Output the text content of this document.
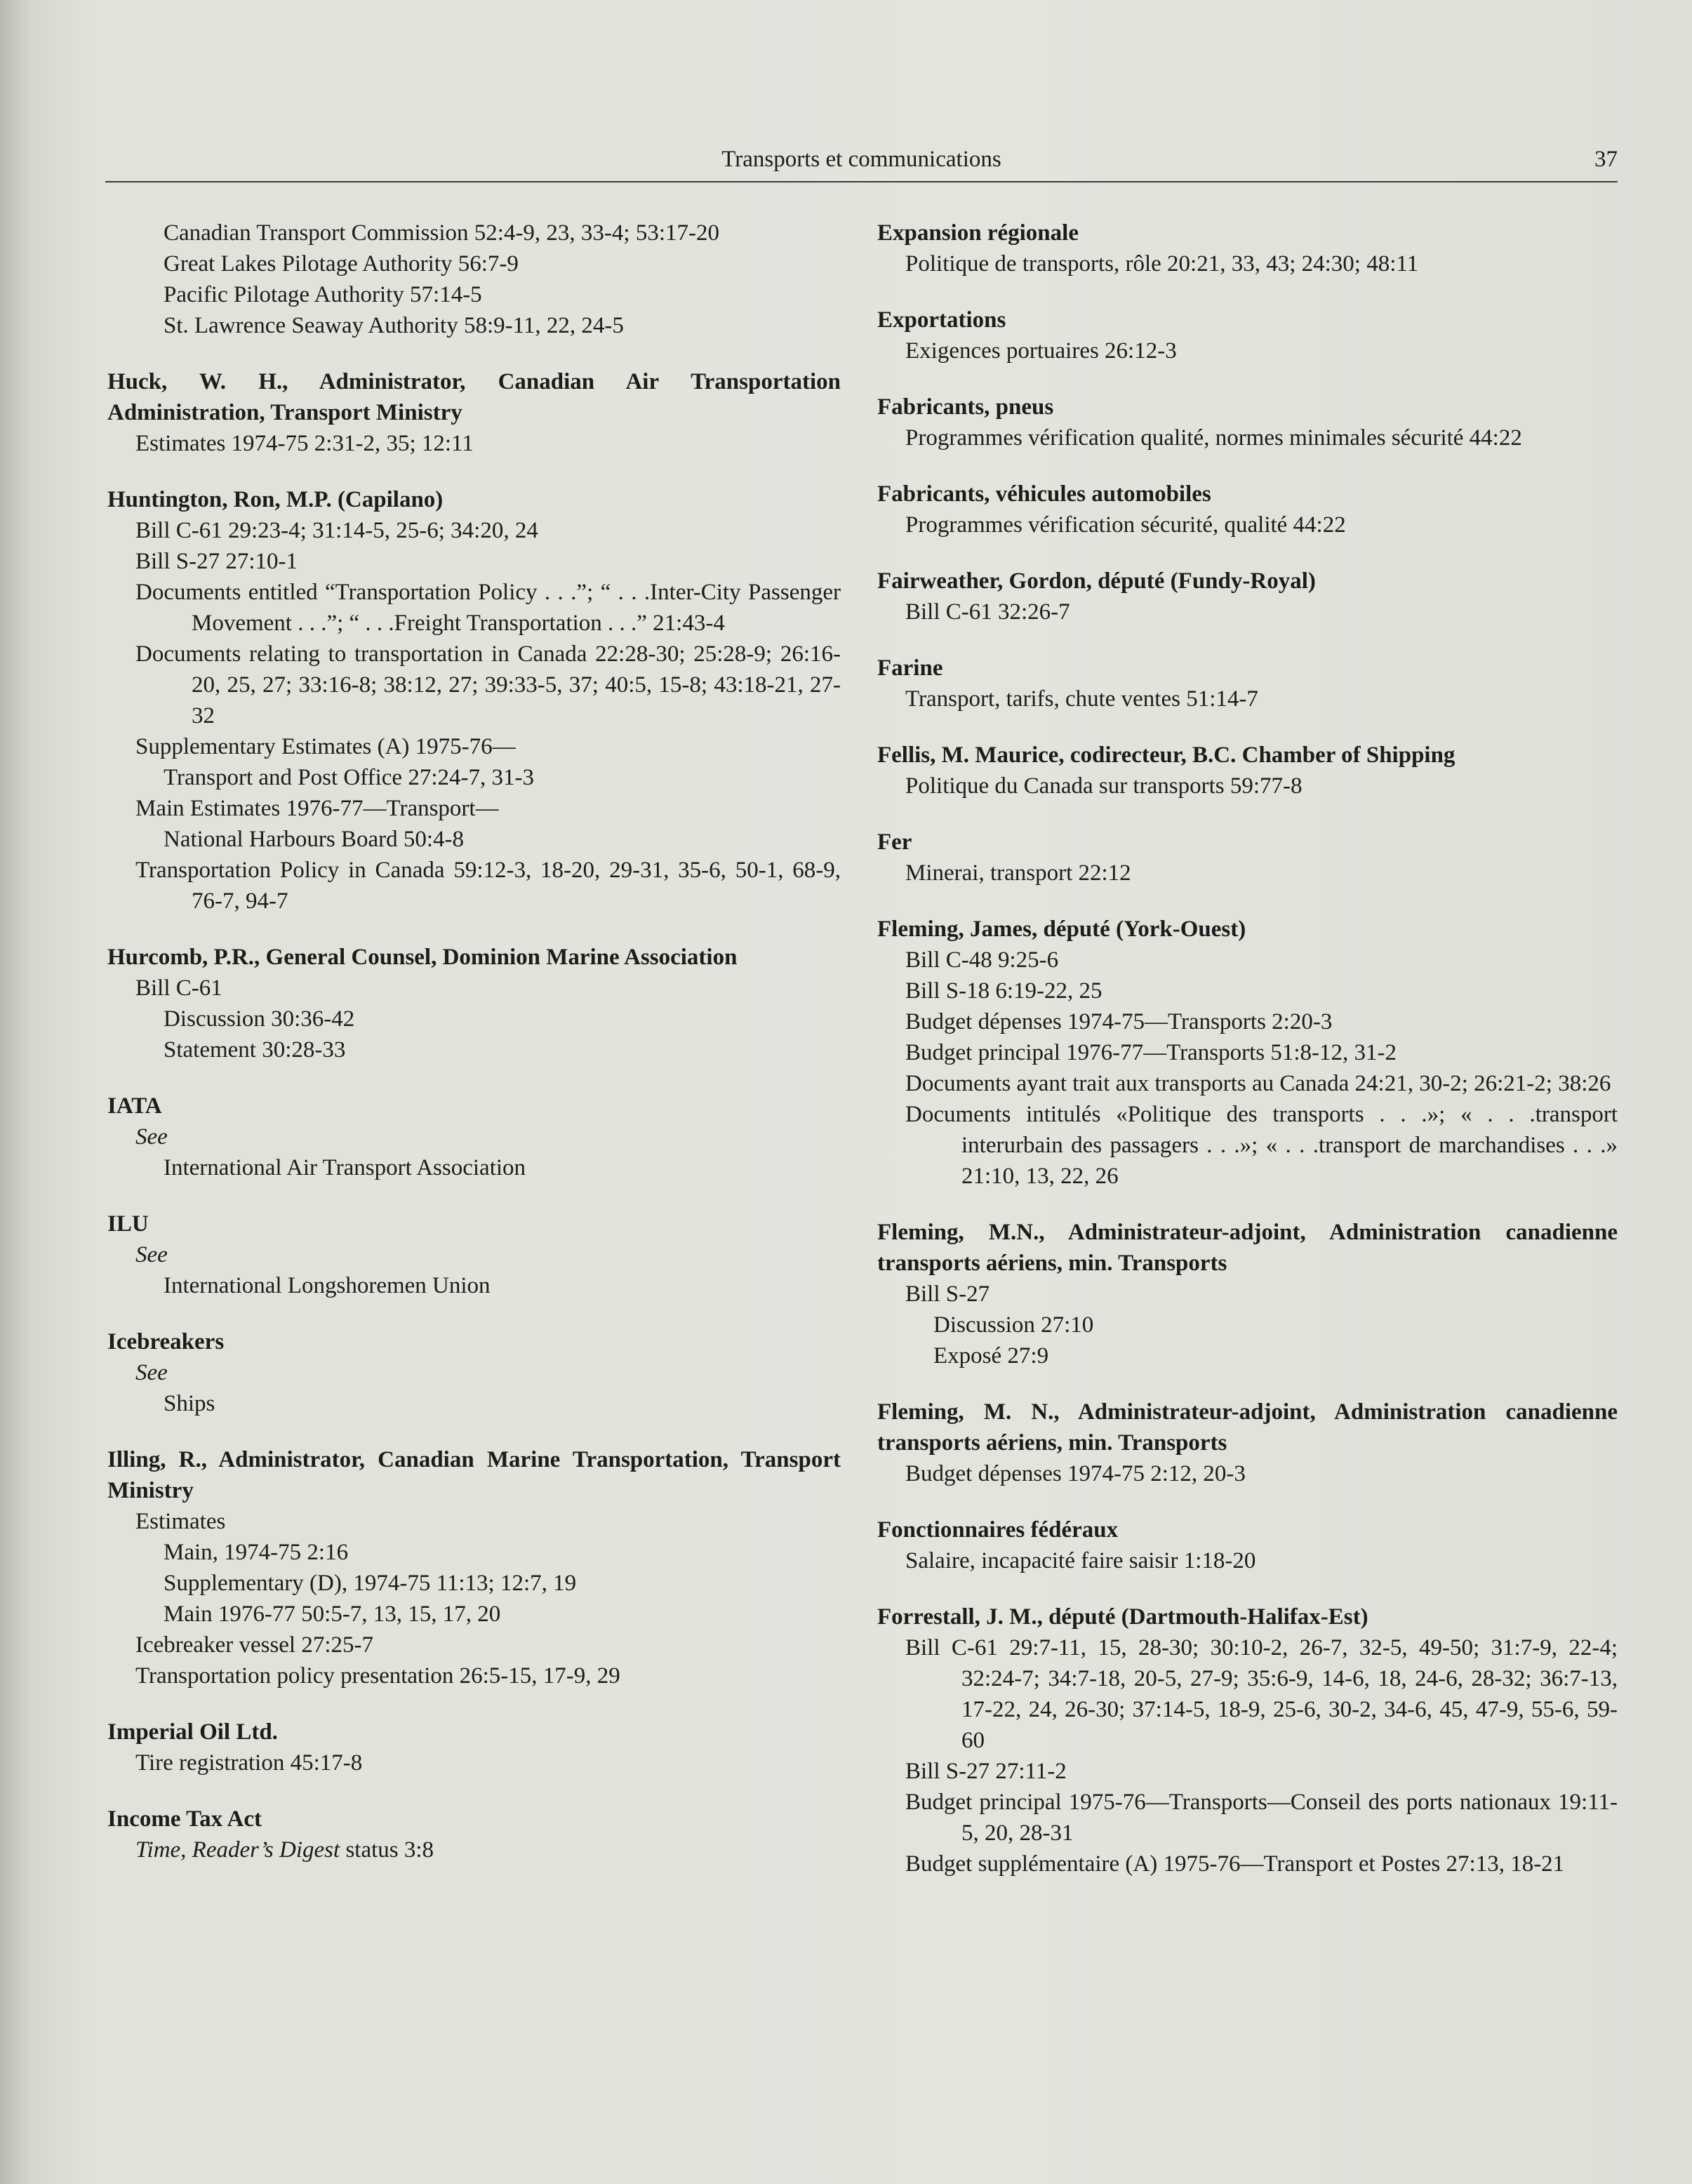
Transports et communications	37
Canadian Transport Commission 52:4-9, 23, 33-4; 53:17-20
Great Lakes Pilotage Authority 56:7-9
Pacific Pilotage Authority 57:14-5
St. Lawrence Seaway Authority 58:9-11, 22, 24-5
Huck, W. H., Administrator, Canadian Air Transportation Administration, Transport Ministry
Estimates 1974-75 2:31-2, 35; 12:11
Huntington, Ron, M.P. (Capilano)
Bill C-61 29:23-4; 31:14-5, 25-6; 34:20, 24
Bill S-27 27:10-1
Documents entitled “Transportation Policy . . .”; “ . . .Inter-City Passenger Movement . . .”; “ . . .Freight Transportation . . .” 21:43-4
Documents relating to transportation in Canada 22:28-30; 25:28-9; 26:16-20, 25, 27; 33:16-8; 38:12, 27; 39:33-5, 37; 40:5, 15-8; 43:18-21, 27-32
Supplementary Estimates (A) 1975-76—
Transport and Post Office 27:24-7, 31-3
Main Estimates 1976-77—Transport—
National Harbours Board 50:4-8
Transportation Policy in Canada 59:12-3, 18-20, 29-31, 35-6, 50-1, 68-9, 76-7, 94-7
Hurcomb, P.R., General Counsel, Dominion Marine Association
Bill C-61
Discussion 30:36-42
Statement 30:28-33
IATA
See
International Air Transport Association
ILU
See
International Longshoremen Union
Icebreakers
See
Ships
Illing, R., Administrator, Canadian Marine Transportation, Transport Ministry
Estimates
Main, 1974-75 2:16
Supplementary (D), 1974-75 11:13; 12:7, 19
Main 1976-77 50:5-7, 13, 15, 17, 20
Icebreaker vessel 27:25-7
Transportation policy presentation 26:5-15, 17-9, 29
Imperial Oil Ltd.
Tire registration 45:17-8
Income Tax Act
Time, Reader’s Digest status 3:8
Expansion régionale
Politique de transports, rôle 20:21, 33, 43; 24:30; 48:11
Exportations
Exigences portuaires 26:12-3
Fabricants, pneus
Programmes vérification qualité, normes minimales sécurité 44:22
Fabricants, véhicules automobiles
Programmes vérification sécurité, qualité 44:22
Fairweather, Gordon, député (Fundy-Royal)
Bill C-61 32:26-7
Farine
Transport, tarifs, chute ventes 51:14-7
Fellis, M. Maurice, codirecteur, B.C. Chamber of Shipping
Politique du Canada sur transports 59:77-8
Fer
Minerai, transport 22:12
Fleming, James, député (York-Ouest)
Bill C-48 9:25-6
Bill S-18 6:19-22, 25
Budget dépenses 1974-75—Transports 2:20-3
Budget principal 1976-77—Transports 51:8-12, 31-2
Documents ayant trait aux transports au Canada 24:21, 30-2; 26:21-2; 38:26
Documents intitulés «Politique des transports . . .»; « . . .transport interurbain des passagers . . .»; « . . .transport de marchandises . . .» 21:10, 13, 22, 26
Fleming, M.N., Administrateur-adjoint, Administration canadienne transports aériens, min. Transports
Bill S-27
Discussion 27:10
Exposé 27:9
Fleming, M. N., Administrateur-adjoint, Administration canadienne transports aériens, min. Transports
Budget dépenses 1974-75 2:12, 20-3
Fonctionnaires fédéraux
Salaire, incapacité faire saisir 1:18-20
Forrestall, J. M., député (Dartmouth-Halifax-Est)
Bill C-61 29:7-11, 15, 28-30; 30:10-2, 26-7, 32-5, 49-50; 31:7-9, 22-4; 32:24-7; 34:7-18, 20-5, 27-9; 35:6-9, 14-6, 18, 24-6, 28-32; 36:7-13, 17-22, 24, 26-30; 37:14-5, 18-9, 25-6, 30-2, 34-6, 45, 47-9, 55-6, 59-60
Bill S-27 27:11-2
Budget principal 1975-76—Transports—Conseil des ports nationaux 19:11-5, 20, 28-31
Budget supplémentaire (A) 1975-76—Transport et Postes 27:13, 18-21
